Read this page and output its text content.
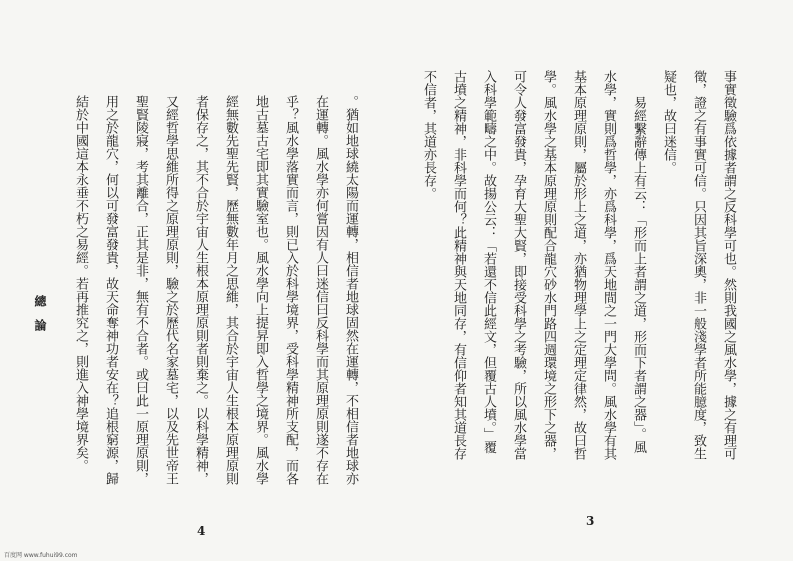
總論	事實徵驗爲依據者謂之反科學可也。然則我國之風水學，據之有理可
徵，證之有事實可信。只因其旨深奧，非一般淺學者所能臆度，致生
疑也，故曰迷信。
易經繫辭傳上有云：「形而上者謂之道，形而下者謂之器」。風
水學，實則爲哲學，亦爲科學，爲天地間之一門大學問。風水學有其
基本原理原則，屬於形上之道，亦猶物理學上之定理定律然，故曰哲
學。風水學之基本原理原則配合龍穴砂水門路四週環境之形下之器，
可令人發富發貴，孕育大聖大賢，即接受科學之考驗，所以風水學當
入科學範疇之中。故揚公云：「若還不信此經文，但覆古人墳。」覆
古墳之精神，非科學而何？此精神與天地同存，有信仰者知其道長存
不信者，其道亦長存。
3
。猶如地球繞太陽而運轉，相信者地球固然在運轉，不相信者地球亦
在運轉。風水學亦何嘗因有人曰迷信曰反科學而其原理原則遂不存在
乎？風水學落實而言，則已入於科學境界，受科學精神所支配，而各
地古墓古宅即其實驗室也。風水學向上提昇即入哲學之境界。風水學
經無數先聖先賢，歷無數年月之思維，其合於宇宙人生根本原理原則
者保存之，其不合於宇宙人生根本原理原則者則棄之。以科學精神，
又經哲學思維所得之原理原則，驗之於歷代名家墓宅，以及先世帝王
聖賢陵寢，考其離合，正其是非，無有不合者。或曰此一原理原則，
用之於龍穴，何以可發富發貴，故天命奪神功者安在？追根窮源，歸
結於中國這本永垂不朽之易經。若再推究之，則進入神學境界矣。
4
百度网 www.fuhui99.com
